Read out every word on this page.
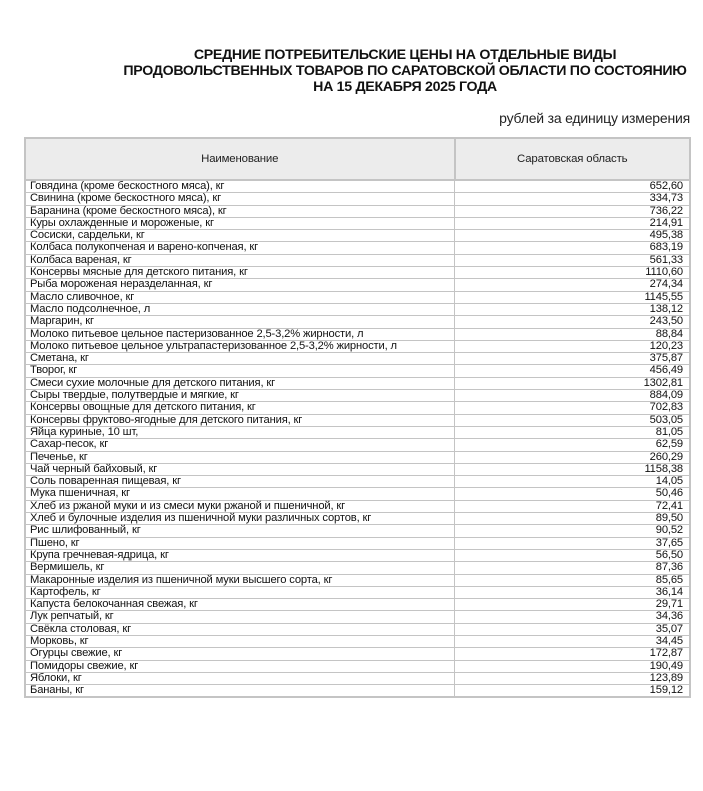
СРЕДНИЕ ПОТРЕБИТЕЛЬСКИЕ ЦЕНЫ НА ОТДЕЛЬНЫЕ ВИДЫ
ПРОДОВОЛЬСТВЕННЫХ ТОВАРОВ ПО САРАТОВСКОЙ ОБЛАСТИ ПО СОСТОЯНИЮ
НА 15 ДЕКАБРЯ 2025 ГОДА
рублей за единицу измерения
Наименование	Саратовская область
Говядина (кроме бескостного мяса), кг	652,60
Свинина (кроме бескостного мяса), кг	334,73
Баранина (кроме бескостного мяса), кг	736,22
Куры охлажденные и мороженые, кг	214,91
Сосиски, сардельки, кг	495,38
Колбаса полукопченая и варено-копченая, кг	683,19
Колбаса вареная, кг	561,33
Консервы мясные для детского питания, кг	1110,60
Рыба мороженая неразделанная, кг	274,34
Масло сливочное, кг	1145,55
Масло подсолнечное, л	138,12
Маргарин, кг	243,50
Молоко питьевое цельное пастеризованное 2,5-3,2% жирности, л	88,84
Молоко питьевое цельное ультрапастеризованное 2,5-3,2% жирности, л	120,23
Сметана, кг	375,87
Творог, кг	456,49
Смеси сухие молочные для детского питания, кг	1302,81
Сыры твердые, полутвердые и мягкие, кг	884,09
Консервы овощные для детского питания, кг	702,83
Консервы фруктово-ягодные для детского питания, кг	503,05
Яйца куриные, 10 шт,	81,05
Сахар-песок, кг	62,59
Печенье, кг	260,29
Чай черный байховый, кг	1158,38
Соль поваренная пищевая, кг	14,05
Мука пшеничная, кг	50,46
Хлеб из ржаной муки и из смеси муки ржаной и пшеничной, кг	72,41
Хлеб и булочные изделия из пшеничной муки различных сортов, кг	89,50
Рис шлифованный, кг	90,52
Пшено, кг	37,65
Крупа гречневая-ядрица, кг	56,50
Вермишель, кг	87,36
Макаронные изделия из пшеничной муки высшего сорта, кг	85,65
Картофель, кг	36,14
Капуста белокочанная свежая, кг	29,71
Лук репчатый, кг	34,36
Свёкла столовая, кг	35,07
Морковь, кг	34,45
Огурцы свежие, кг	172,87
Помидоры свежие, кг	190,49
Яблоки, кг	123,89
Бананы, кг	159,12
